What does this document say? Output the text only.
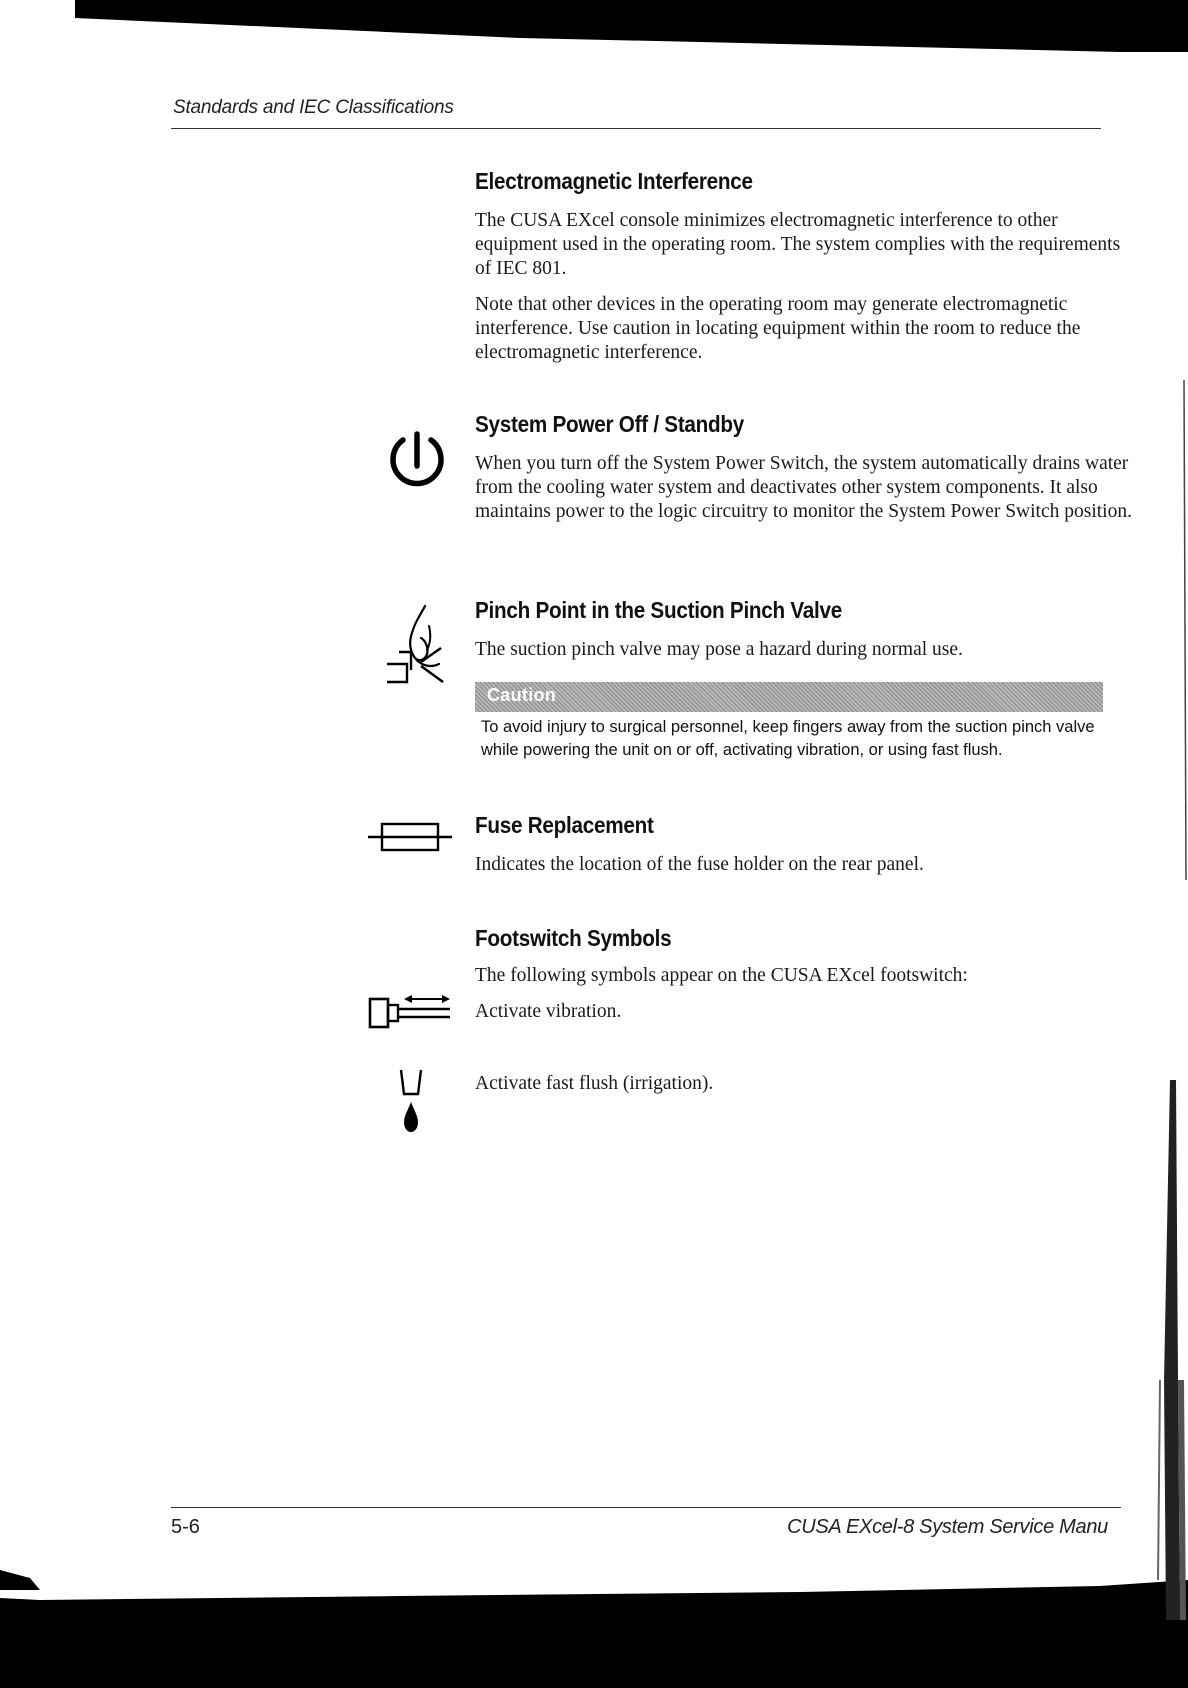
Standards and IEC Classifications
Electromagnetic Interference

The CUSA EXcel console minimizes electromagnetic interference to other equipment used in the operating room. The system complies with the requirements of IEC 801.

Note that other devices in the operating room may generate electromagnetic interference. Use caution in locating equipment within the room to reduce the electromagnetic interference.

System Power Off / Standby

When you turn off the System Power Switch, the system automatically drains water from the cooling water system and deactivates other system components. It also maintains power to the logic circuitry to monitor the System Power Switch position.

Pinch Point in the Suction Pinch Valve

The suction pinch valve may pose a hazard during normal use.

Caution

To avoid injury to surgical personnel, keep fingers away from the suction pinch valve while powering the unit on or off, activating vibration, or using fast flush.

Fuse Replacement

Indicates the location of the fuse holder on the rear panel.

Footswitch Symbols

The following symbols appear on the CUSA EXcel footswitch:

Activate vibration.

Activate fast flush (irrigation).

5-6	CUSA EXcel-8 System Service Manu
